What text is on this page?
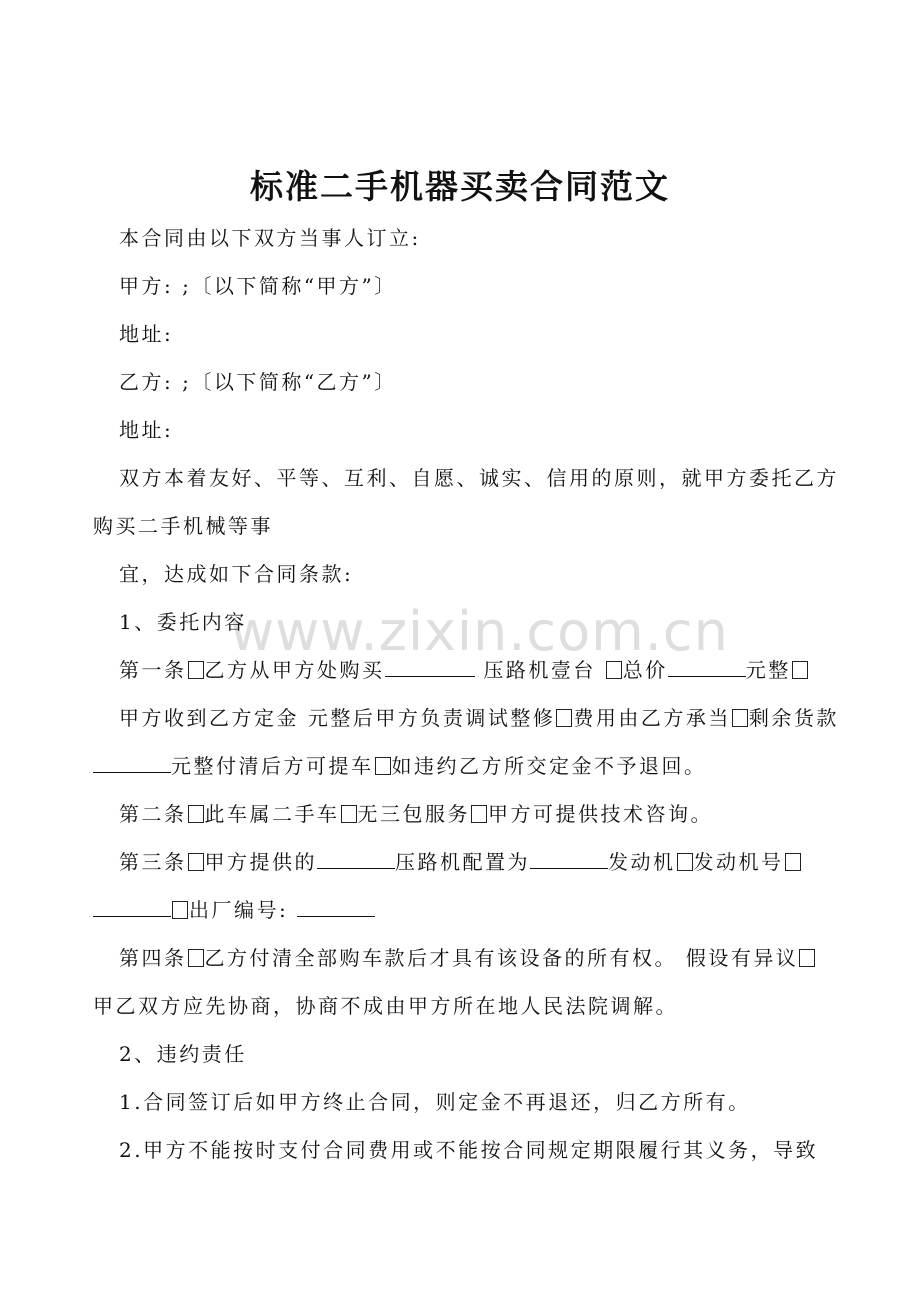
标准二手机器买卖合同范文
www.zixin.com.cn

本合同由以下双方当事人订立:

甲方: ;〔以下简称“甲方”〕

地址:

乙方: ;〔以下简称“乙方”〕

地址:

双方本着友好、平等、互利、自愿、诚实、信用的原则，就甲方委托乙方购买二手机械等事

宜，达成如下合同条款:

1、委托内容

第一条 乙方从甲方处购买	压路机壹台 总价	元整

甲方收到乙方定金 元整后甲方负责调试整修 费用由乙方承当 剩余货款

元整付清后方可提车 如违约乙方所交定金不予退回。

第二条 此车属二手车 无三包服务 甲方可提供技术咨询。

第三条 甲方提供的	压路机配置为	发动机 发动机号

出厂编号:

第四条 乙方付清全部购车款后才具有该设备的所有权。 假设有异议

甲乙双方应先协商，协商不成由甲方所在地人民法院调解。

2、违约责任

1.合同签订后如甲方终止合同，则定金不再退还，归乙方所有。

2.甲方不能按时支付合同费用或不能按合同规定期限履行其义务，导致
